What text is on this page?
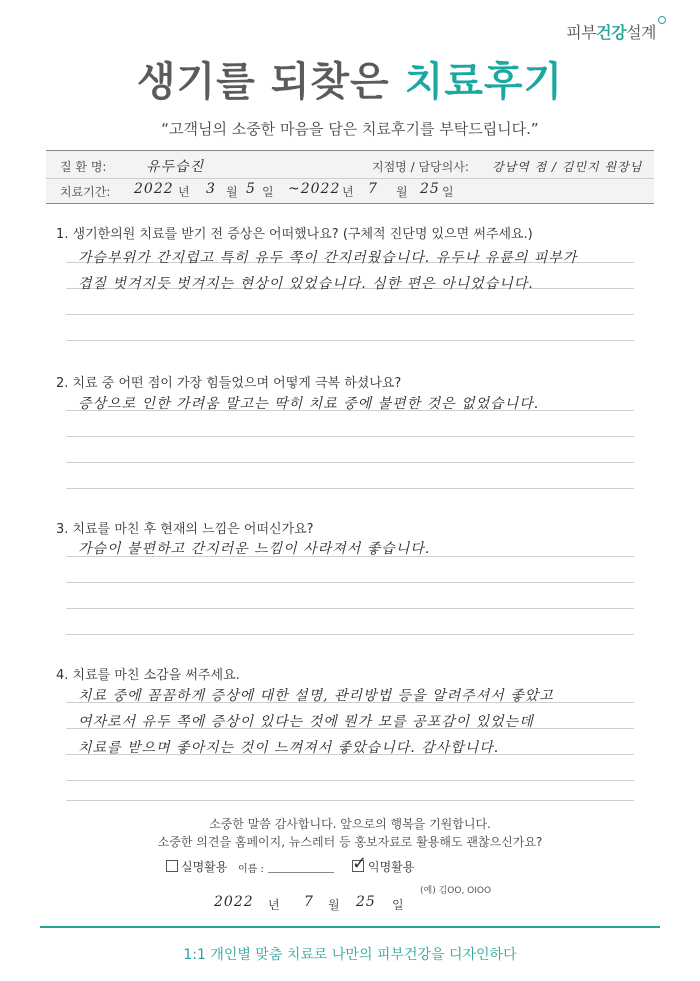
피부건강설계
생기를 되찾은 치료후기
“고객님의 소중한 마음을 담은 치료후기를 부탁드립니다.”
질 환 명:	유두습진	지점명 / 담당의사: 강남역 점 / 김민지 원장님
치료기간: 2022 년 3 월 5 일 ~2022 년 7 월 25 일
1. 생기한의원 치료를 받기 전 증상은 어떠했나요? (구체적 진단명 있으면 써주세요.)
가슴부위가 간지럽고 특히 유두 쪽이 간지러웠습니다. 유두나 유륜의 피부가
겹질 벗겨지듯 벗겨지는 현상이 있었습니다. 심한 편은 아니었습니다.
2. 치료 중 어떤 점이 가장 힘들었으며 어떻게 극복 하셨나요?
증상으로 인한 가려움 말고는 딱히 치료 중에 불편한 것은 없었습니다.
3. 치료를 마친 후 현재의 느낌은 어떠신가요?
가슴이 불편하고 간지러운 느낌이 사라져서 좋습니다.
4. 치료를 마친 소감을 써주세요.
치료 중에 꼼꼼하게 증상에 대한 설명, 관리방법 등을 알려주셔서 좋았고
여자로서 유두 쪽에 증상이 있다는 것에 뭔가 모를 공포감이 있었는데
치료를 받으며 좋아지는 것이 느껴져서 좋았습니다. 감사합니다.
소중한 말씀 감사합니다. 앞으로의 행복을 기원합니다.
소중한 의견을 홈페이지, 뉴스레터 등 홍보자료로 활용해도 괜찮으신가요?
실명활용 이름 :	✓ 익명활용
(예) 김OO, OIOO
2022 년 7 월 25 일
1:1 개인별 맞춤 치료로 나만의 피부건강을 디자인하다
